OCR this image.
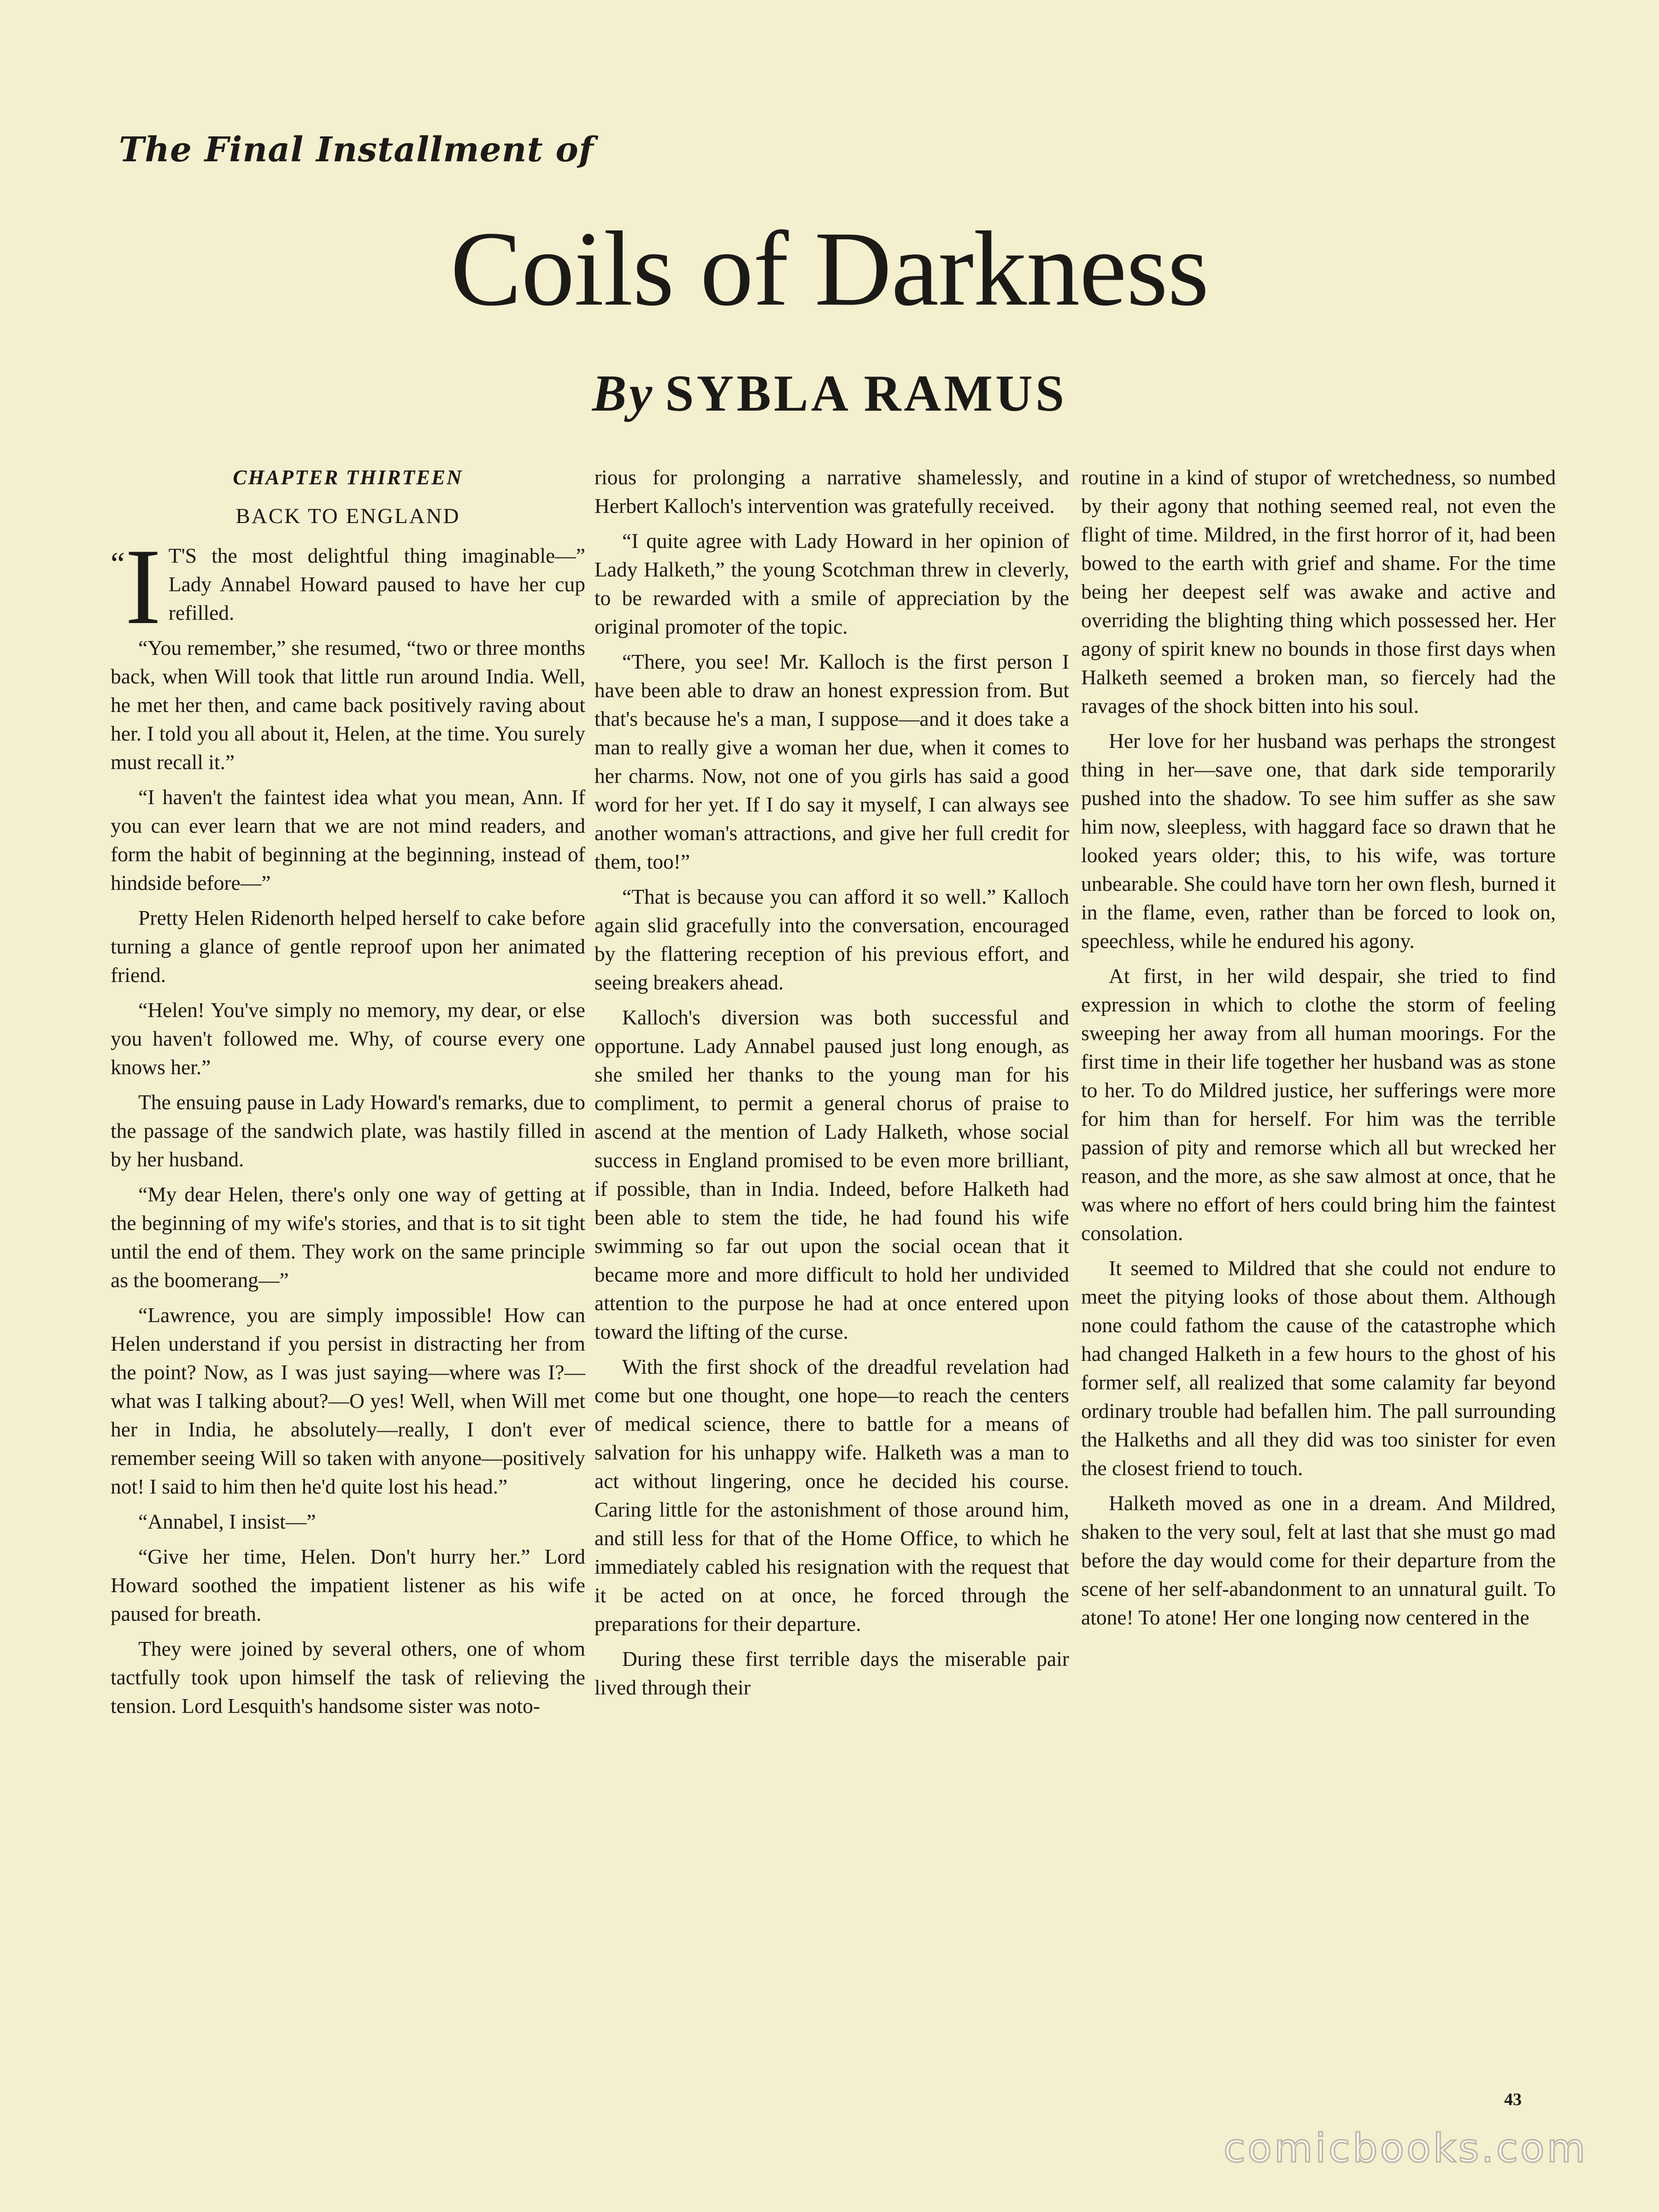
The Final Installment of
Coils of Darkness
By SYBLA RAMUS
CHAPTER THIRTEEN
BACK TO ENGLAND

“I T'S the most delightful thing imaginable—” Lady Annabel Howard paused to have her cup refilled.

“You remember,” she resumed, “two or three months back, when Will took that little run around India. Well, he met her then, and came back positively raving about her. I told you all about it, Helen, at the time. You surely must recall it.”

“I haven't the faintest idea what you mean, Ann. If you can ever learn that we are not mind readers, and form the habit of beginning at the beginning, instead of hindside before—”

Pretty Helen Ridenorth helped herself to cake before turning a glance of gentle reproof upon her animated friend.

“Helen! You've simply no memory, my dear, or else you haven't followed me. Why, of course every one knows her.”

The ensuing pause in Lady Howard's remarks, due to the passage of the sandwich plate, was hastily filled in by her husband.

“My dear Helen, there's only one way of getting at the beginning of my wife's stories, and that is to sit tight until the end of them. They work on the same principle as the boomerang—”

“Lawrence, you are simply impossible! How can Helen understand if you persist in distracting her from the point? Now, as I was just saying—where was I?—what was I talking about?—O yes! Well, when Will met her in India, he absolutely—really, I don't ever remember seeing Will so taken with anyone—positively not! I said to him then he'd quite lost his head.”

“Annabel, I insist—”

“Give her time, Helen. Don't hurry her.” Lord Howard soothed the impatient listener as his wife paused for breath.

They were joined by several others, one of whom tactfully took upon himself the task of relieving the tension. Lord Lesquith's handsome sister was noto-

rious for prolonging a narrative shamelessly, and Herbert Kalloch's intervention was gratefully received.

“I quite agree with Lady Howard in her opinion of Lady Halketh,” the young Scotchman threw in cleverly, to be rewarded with a smile of appreciation by the original promoter of the topic.

“There, you see! Mr. Kalloch is the first person I have been able to draw an honest expression from. But that's because he's a man, I suppose—and it does take a man to really give a woman her due, when it comes to her charms. Now, not one of you girls has said a good word for her yet. If I do say it myself, I can always see another woman's attractions, and give her full credit for them, too!”

“That is because you can afford it so well.” Kalloch again slid gracefully into the conversation, encouraged by the flattering reception of his previous effort, and seeing breakers ahead.

Kalloch's diversion was both successful and opportune. Lady Annabel paused just long enough, as she smiled her thanks to the young man for his compliment, to permit a general chorus of praise to ascend at the mention of Lady Halketh, whose social success in England promised to be even more brilliant, if possible, than in India. Indeed, before Halketh had been able to stem the tide, he had found his wife swimming so far out upon the social ocean that it became more and more difficult to hold her undivided attention to the purpose he had at once entered upon toward the lifting of the curse.

With the first shock of the dreadful revelation had come but one thought, one hope—to reach the centers of medical science, there to battle for a means of salvation for his unhappy wife. Halketh was a man to act without lingering, once he decided his course. Caring little for the astonishment of those around him, and still less for that of the Home Office, to which he immediately cabled his resignation with the request that it be acted on at once, he forced through the preparations for their departure.

During these first terrible days the miserable pair lived through their

routine in a kind of stupor of wretchedness, so numbed by their agony that nothing seemed real, not even the flight of time. Mildred, in the first horror of it, had been bowed to the earth with grief and shame. For the time being her deepest self was awake and active and overriding the blighting thing which possessed her. Her agony of spirit knew no bounds in those first days when Halketh seemed a broken man, so fiercely had the ravages of the shock bitten into his soul.

Her love for her husband was perhaps the strongest thing in her—save one, that dark side temporarily pushed into the shadow. To see him suffer as she saw him now, sleepless, with haggard face so drawn that he looked years older; this, to his wife, was torture unbearable. She could have torn her own flesh, burned it in the flame, even, rather than be forced to look on, speechless, while he endured his agony.

At first, in her wild despair, she tried to find expression in which to clothe the storm of feeling sweeping her away from all human moorings. For the first time in their life together her husband was as stone to her. To do Mildred justice, her sufferings were more for him than for herself. For him was the terrible passion of pity and remorse which all but wrecked her reason, and the more, as she saw almost at once, that he was where no effort of hers could bring him the faintest consolation.

It seemed to Mildred that she could not endure to meet the pitying looks of those about them. Although none could fathom the cause of the catastrophe which had changed Halketh in a few hours to the ghost of his former self, all realized that some calamity far beyond ordinary trouble had befallen him. The pall surrounding the Halkeths and all they did was too sinister for even the closest friend to touch.

Halketh moved as one in a dream. And Mildred, shaken to the very soul, felt at last that she must go mad before the day would come for their departure from the scene of her self-abandonment to an unnatural guilt. To atone! To atone! Her one longing now centered in the

43
comicbooks.com
